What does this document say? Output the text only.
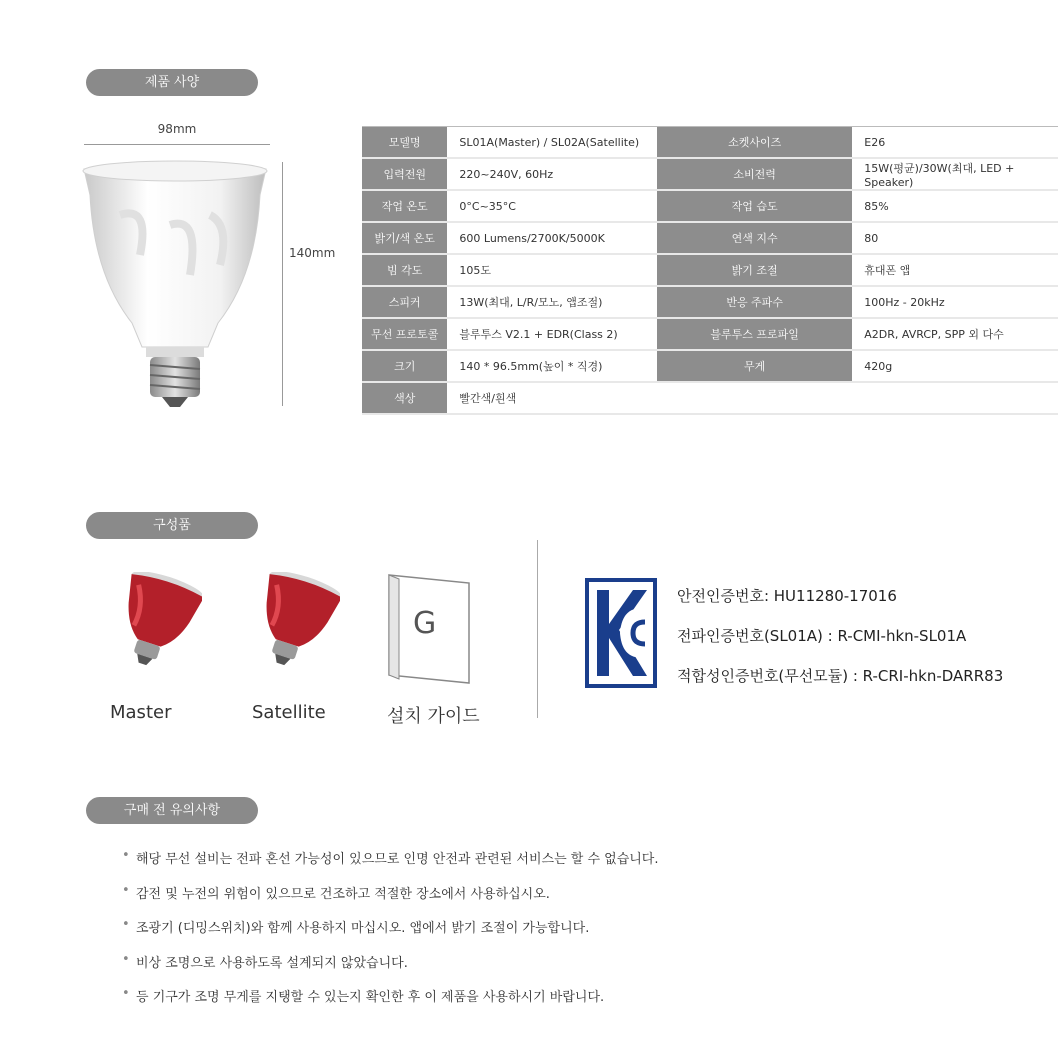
제품 사양
98mm
140mm
모델명	SL01A(Master) / SL02A(Satellite)	소켓사이즈	E26
입력전원	220~240V, 60Hz	소비전력	15W(평균)/30W(최대, LED + Speaker)
작업 온도	0°C~35°C	작업 습도	85%
밝기/색 온도	600 Lumens/2700K/5000K	연색 지수	80
빔 각도	105도	밝기 조절	휴대폰 앱
스피커	13W(최대, L/R/모노, 앱조절)	반응 주파수	100Hz - 20kHz
무선 프로토콜	블루투스 V2.1 + EDR(Class 2)	블루투스 프로파일	A2DR, AVRCP, SPP 외 다수
크기	140 * 96.5mm(높이 * 직경)	무게	420g
색상	빨간색/흰색		
구성품
Master	Satellite
G
설치 가이드
안전인증번호: HU11280-17016
전파인증번호(SL01A) : R-CMI-hkn-SL01A
적합성인증번호(무선모듈) : R-CRI-hkn-DARR83
구매 전 유의사항
• 해당 무선 설비는 전파 혼선 가능성이 있으므로 인명 안전과 관련된 서비스는 할 수 없습니다.
• 감전 및 누전의 위험이 있으므로 건조하고 적절한 장소에서 사용하십시오.
• 조광기 (디밍스위치)와 함께 사용하지 마십시오. 앱에서 밝기 조절이 가능합니다.
• 비상 조명으로 사용하도록 설계되지 않았습니다.
• 등 기구가 조명 무게를 지탱할 수 있는지 확인한 후 이 제품을 사용하시기 바랍니다.
